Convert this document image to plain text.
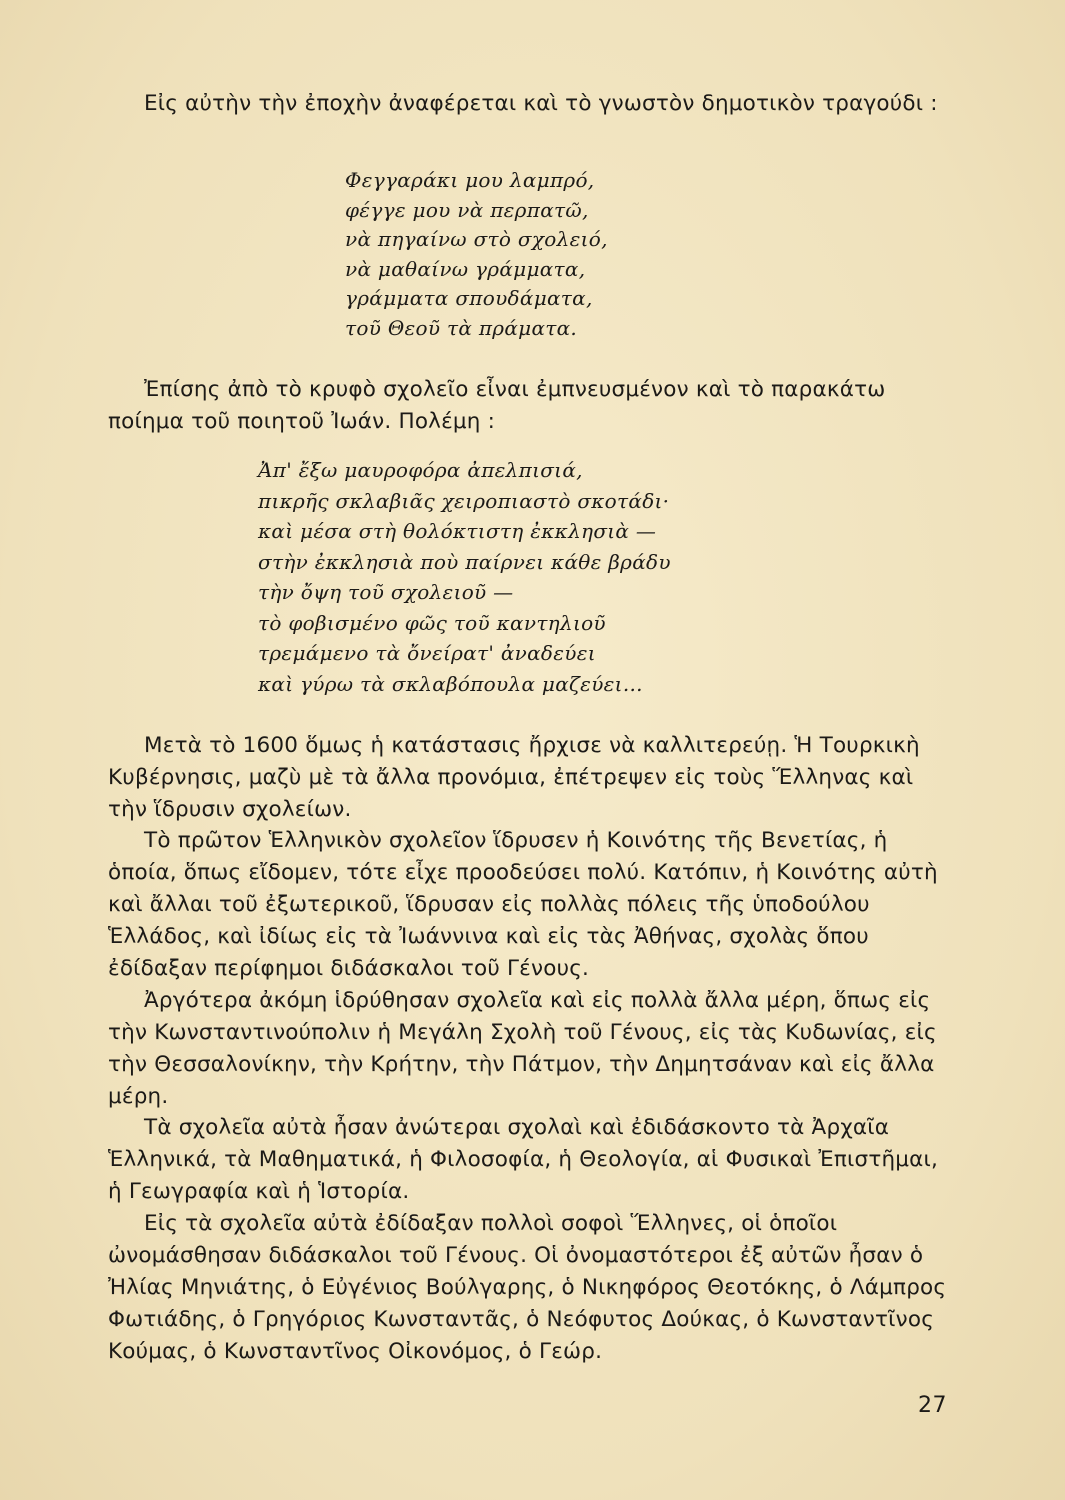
Εἰς αὐτὴν τὴν ἐποχὴν ἀναφέρεται καὶ τὸ γνωστὸν δημοτικὸν τραγούδι :

Φεγγαράκι μου λαμπρό,
φέγγε μου νὰ περπατῶ,
νὰ πηγαίνω στὸ σχολειό,
νὰ μαθαίνω γράμματα,
γράμματα σπουδάματα,
τοῦ Θεοῦ τὰ πράματα.

Ἐπίσης ἀπὸ τὸ κρυφὸ σχολεῖο εἶναι ἐμπνευσμένον καὶ τὸ παρακάτω ποίημα τοῦ ποιητοῦ Ἰωάν. Πολέμη :

Ἀπ' ἔξω μαυροφόρα ἀπελπισιά,
πικρῆς σκλαβιᾶς χειροπιαστὸ σκοτάδι·
καὶ μέσα στὴ θολόκτιστη ἐκκλησιὰ —
στὴν ἐκκλησιὰ ποὺ παίρνει κάθε βράδυ
τὴν ὄψη τοῦ σχολειοῦ —
τὸ φοβισμένο φῶς τοῦ καντηλιοῦ
τρεμάμενο τὰ ὄνείρατ' ἀναδεύει
καὶ γύρω τὰ σκλαβόπουλα μαζεύει...

Μετὰ τὸ 1600 ὅμως ἡ κατάστασις ἤρχισε νὰ καλλιτερεύῃ. Ἡ Τουρκικὴ Κυβέρνησις, μαζὺ μὲ τὰ ἄλλα προνόμια, ἐπέτρεψεν εἰς τοὺς Ἕλληνας καὶ τὴν ἵδρυσιν σχολείων.

Τὸ πρῶτον Ἑλληνικὸν σχολεῖον ἵδρυσεν ἡ Κοινότης τῆς Βενετίας, ἡ ὁποία, ὅπως εἴδομεν, τότε εἶχε προοδεύσει πολύ. Κατόπιν, ἡ Κοινότης αὐτὴ καὶ ἄλλαι τοῦ ἐξωτερικοῦ, ἵδρυσαν εἰς πολλὰς πόλεις τῆς ὑποδούλου Ἑλλάδος, καὶ ἰδίως εἰς τὰ Ἰωάννινα καὶ εἰς τὰς Ἀθήνας, σχολὰς ὅπου ἐδίδαξαν περίφημοι διδάσκαλοι τοῦ Γένους.

Ἀργότερα ἀκόμη ἱδρύθησαν σχολεῖα καὶ εἰς πολλὰ ἄλλα μέρη, ὅπως εἰς τὴν Κωνσταντινούπολιν ἡ Μεγάλη Σχολὴ τοῦ Γένους, εἰς τὰς Κυδωνίας, εἰς τὴν Θεσσαλονίκην, τὴν Κρήτην, τὴν Πάτμον, τὴν Δημητσάναν καὶ εἰς ἄλλα μέρη.

Τὰ σχολεῖα αὐτὰ ἦσαν ἀνώτεραι σχολαὶ καὶ ἐδιδάσκοντο τὰ Ἀρχαῖα Ἑλληνικά, τὰ Μαθηματικά, ἡ Φιλοσοφία, ἡ Θεολογία, αἱ Φυσικαὶ Ἐπιστῆμαι, ἡ Γεωγραφία καὶ ἡ Ἱστορία.

Εἰς τὰ σχολεῖα αὐτὰ ἐδίδαξαν πολλοὶ σοφοὶ Ἕλληνες, οἱ ὁποῖοι ὠνομάσθησαν διδάσκαλοι τοῦ Γένους. Οἱ ὀνομαστότεροι ἐξ αὐτῶν ἦσαν ὁ Ἠλίας Μηνιάτης, ὁ Εὐγένιος Βούλγαρης, ὁ Νικηφόρος Θεοτόκης, ὁ Λάμπρος Φωτιάδης, ὁ Γρηγόριος Κωνσταντᾶς, ὁ Νεόφυτος Δούκας, ὁ Κωνσταντῖνος Κούμας, ὁ Κωνσταντῖνος Οἰκονόμος, ὁ Γεώρ.

27
